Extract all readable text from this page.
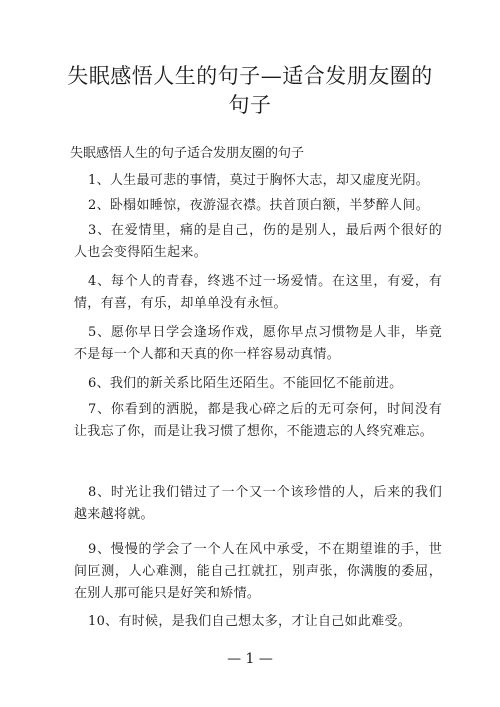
失眠感悟人生的句子—适合发朋友圈的句子

失眠感悟人生的句子适合发朋友圈的句子

1、人生最可悲的事情，莫过于胸怀大志，却又虚度光阴。

2、卧榻如睡惊，夜游湿衣襟。扶首顶白额，半梦醉人间。

3、在爱情里，痛的是自己，伤的是别人，最后两个很好的人也会变得陌生起来。

4、每个人的青春，终逃不过一场爱情。在这里，有爱，有情，有喜，有乐，却单单没有永恒。

5、愿你早日学会逢场作戏，愿你早点习惯物是人非，毕竟不是每一个人都和天真的你一样容易动真情。

6、我们的新关系比陌生还陌生。不能回忆不能前进。

7、你看到的洒脱，都是我心碎之后的无可奈何，时间没有让我忘了你，而是让我习惯了想你，不能遗忘的人终究难忘。

8、时光让我们错过了一个又一个该珍惜的人，后来的我们越来越将就。

9、慢慢的学会了一个人在风中承受，不在期望谁的手，世间叵测，人心难测，能自己扛就扛，别声张，你满腹的委屈，在别人那可能只是好笑和矫情。

10、有时候，是我们自己想太多，才让自己如此难受。

— 1 —
